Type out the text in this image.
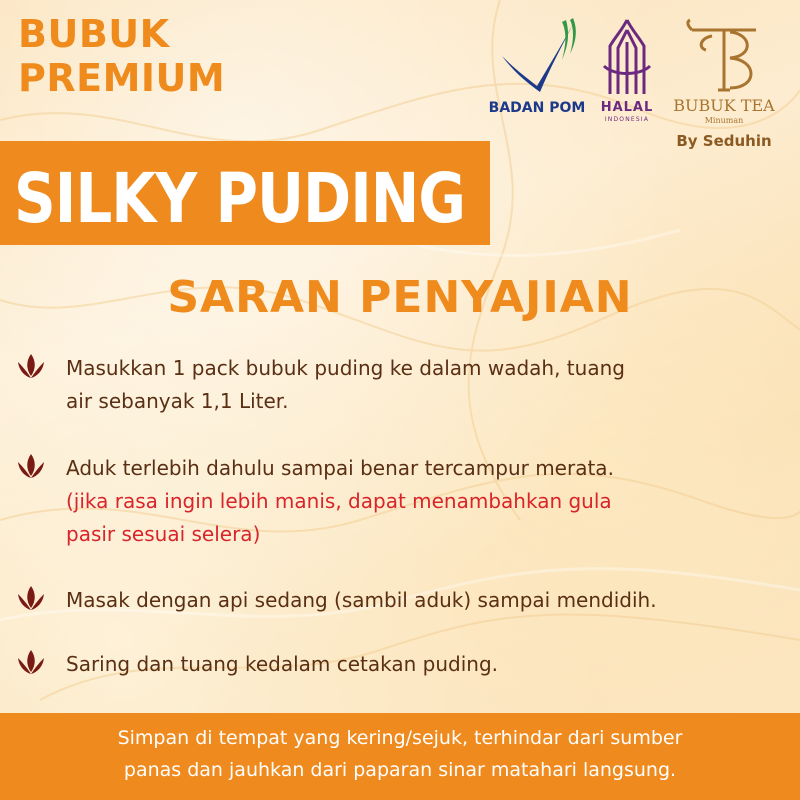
BUBUK
PREMIUM
BADAN POM	HALAL
INDONESIA
BUBUK TEA
Minuman
By Seduhin
SILKY PUDING
SARAN PENYAJIAN
Masukkan 1 pack bubuk puding ke dalam wadah, tuang
air sebanyak 1,1 Liter.
Aduk terlebih dahulu sampai benar tercampur merata.
(jika rasa ingin lebih manis, dapat menambahkan gula
pasir sesuai selera)
Masak dengan api sedang (sambil aduk) sampai mendidih.
Saring dan tuang kedalam cetakan puding.
Simpan di tempat yang kering/sejuk, terhindar dari sumber
panas dan jauhkan dari paparan sinar matahari langsung.
